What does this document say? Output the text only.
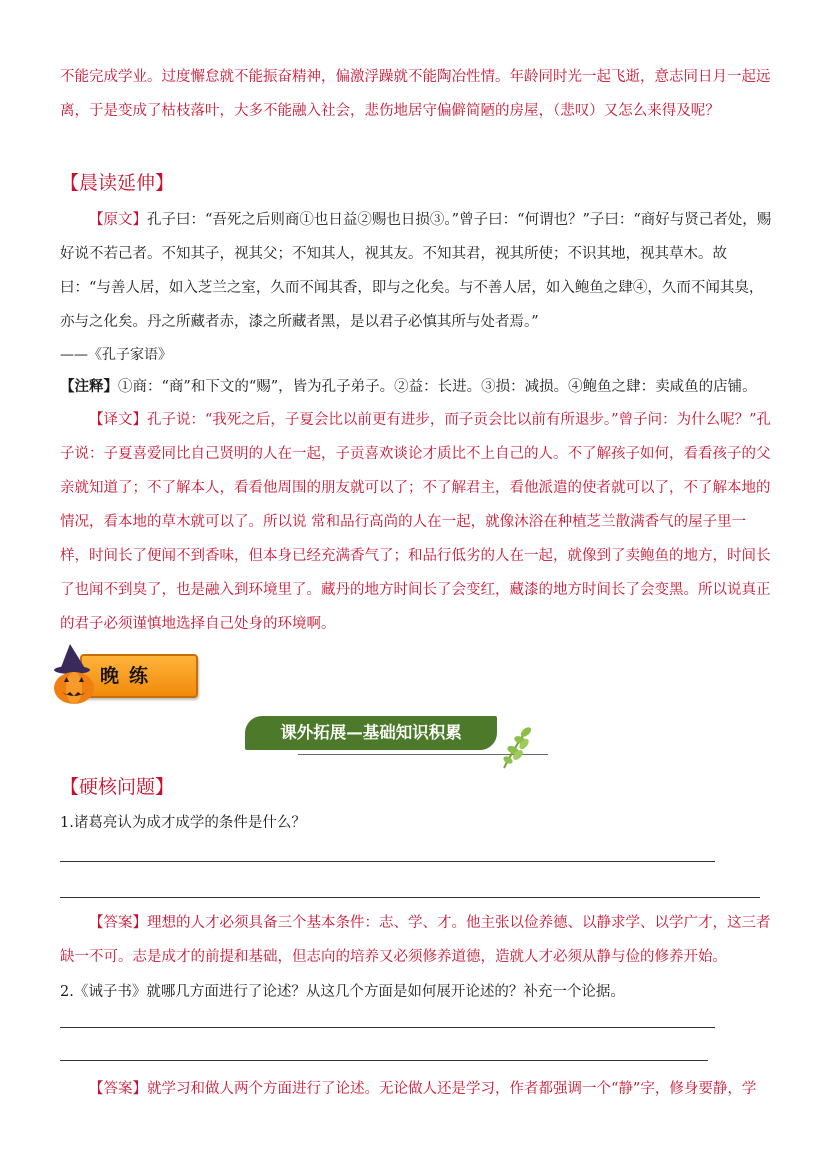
不能完成学业。过度懈怠就不能振奋精神，偏激浮躁就不能陶冶性情。年龄同时光一起飞逝，意志同日月一起远离，于是变成了枯枝落叶，大多不能融入社会，悲伤地居守偏僻简陋的房屋，（悲叹）又怎么来得及呢？

【晨读延伸】

【原文】孔子曰：“吾死之后则商①也日益②赐也日损③。”曾子曰：“何谓也？”子曰：“商好与贤己者处，赐好说不若己者。不知其子，视其父；不知其人，视其友。不知其君，视其所使；不识其地，视其草木。故曰：“与善人居，如入芝兰之室，久而不闻其香，即与之化矣。与不善人居，如入鲍鱼之肆④，久而不闻其臭，亦与之化矣。丹之所藏者赤，漆之所藏者黑，是以君子必慎其所与处者焉。”

——《孔子家语》

【注释】①商：“商”和下文的“赐”，皆为孔子弟子。②益：长进。③损：减损。④鲍鱼之肆：卖咸鱼的店铺。

【译文】孔子说：“我死之后，子夏会比以前更有进步，而子贡会比以前有所退步。”曾子问：为什么呢？”孔子说：子夏喜爱同比自己贤明的人在一起，子贡喜欢谈论才质比不上自己的人。不了解孩子如何，看看孩子的父亲就知道了；不了解本人，看看他周围的朋友就可以了；不了解君主，看他派遣的使者就可以了，不了解本地的情况，看本地的草木就可以了。所以说 常和品行高尚的人在一起，就像沐浴在种植芝兰散满香气的屋子里一样，时间长了便闻不到香味，但本身已经充满香气了；和品行低劣的人在一起，就像到了卖鲍鱼的地方，时间长了也闻不到臭了，也是融入到环境里了。藏丹的地方时间长了会变红，藏漆的地方时间长了会变黑。所以说真正的君子必须谨慎地选择自己处身的环境啊。

晚练
课外拓展—基础知识积累
【硬核问题】

1.诸葛亮认为成才成学的条件是什么？

【答案】理想的人才必须具备三个基本条件：志、学、才。他主张以俭养德、以静求学、以学广才，这三者缺一不可。志是成才的前提和基础，但志向的培养又必须修养道德，造就人才必须从静与俭的修养开始。

2.《诫子书》就哪几方面进行了论述？从这几个方面是如何展开论述的？补充一个论据。

【答案】就学习和做人两个方面进行了论述。无论做人还是学习，作者都强调一个“静”字，修身要静，学
